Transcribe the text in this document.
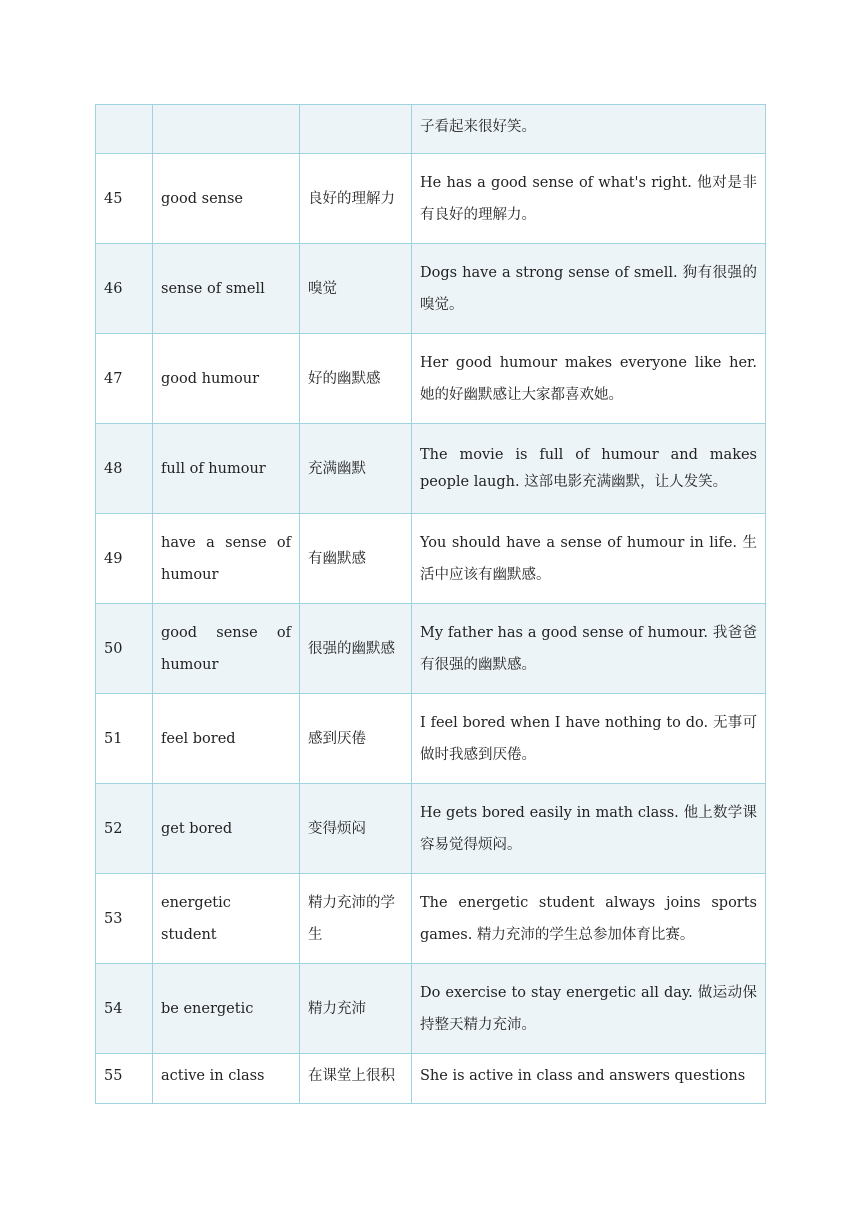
			子看起来很好笑。
45	good sense	良好的理解力	He has a good sense of what's right. 他对是非有良好的理解力。
46	sense of smell	嗅觉	Dogs have a strong sense of smell. 狗有很强的嗅觉。
47	good humour	好的幽默感	Her good humour makes everyone like her. 她的好幽默感让大家都喜欢她。
48	full of humour	充满幽默	The movie is full of humour and makes people laugh. 这部电影充满幽默，让人发笑。
49	have a sense of humour	有幽默感	You should have a sense of humour in life. 生活中应该有幽默感。
50	good sense of humour	很强的幽默感	My father has a good sense of humour. 我爸爸有很强的幽默感。
51	feel bored	感到厌倦	I feel bored when I have nothing to do. 无事可做时我感到厌倦。
52	get bored	变得烦闷	He gets bored easily in math class. 他上数学课容易觉得烦闷。
53	energetic student	精力充沛的学生	The energetic student always joins sports games. 精力充沛的学生总参加体育比赛。
54	be energetic	精力充沛	Do exercise to stay energetic all day. 做运动保持整天精力充沛。
55	active in class	在课堂上很积	She is active in class and answers questions
